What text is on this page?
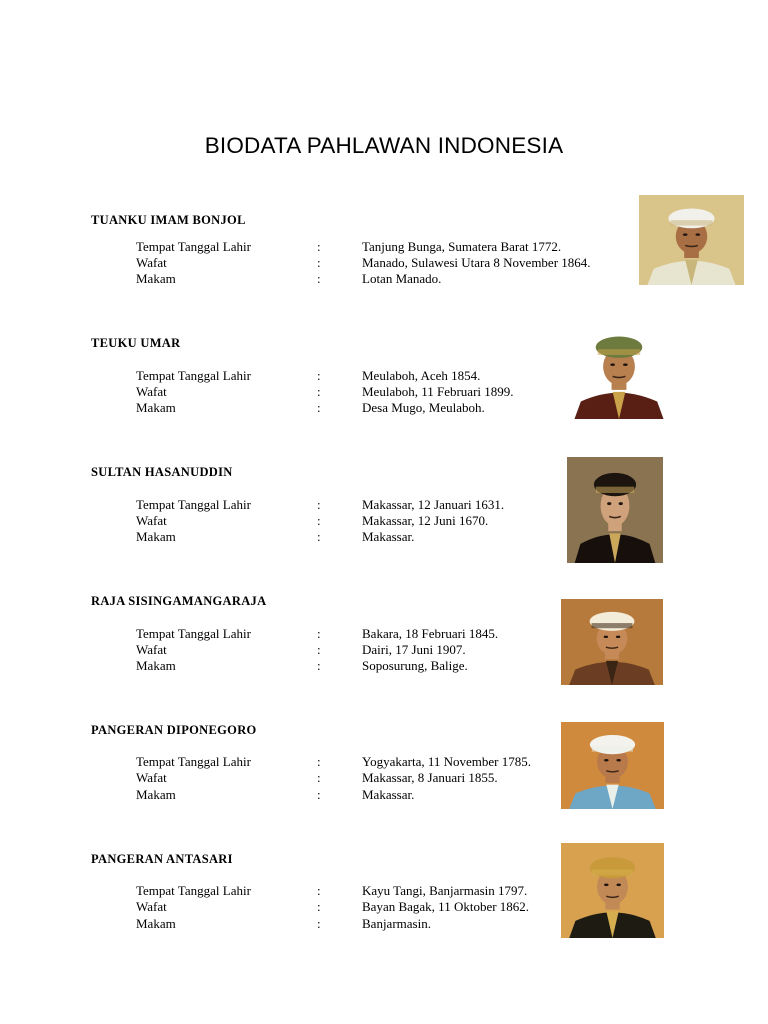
BIODATA PAHLAWAN INDONESIA
TUANKU IMAM BONJOL
Tempat Tanggal Lahir	:	Tanjung Bunga, Sumatera Barat 1772.
Wafat	:	Manado, Sulawesi Utara 8 November 1864.
Makam	:	Lotan Manado.
TEUKU UMAR
Tempat Tanggal Lahir	:	Meulaboh, Aceh 1854.
Wafat	:	Meulaboh, 11 Februari 1899.
Makam	:	Desa Mugo, Meulaboh.
SULTAN HASANUDDIN
Tempat Tanggal Lahir	:	Makassar, 12 Januari 1631.
Wafat	:	Makassar, 12 Juni 1670.
Makam	:	Makassar.
RAJA SISINGAMANGARAJA
Tempat Tanggal Lahir	:	Bakara, 18 Februari 1845.
Wafat	:	Dairi, 17 Juni 1907.
Makam	:	Soposurung, Balige.
PANGERAN DIPONEGORO
Tempat Tanggal Lahir	:	Yogyakarta, 11 November 1785.
Wafat	:	Makassar, 8 Januari 1855.
Makam	:	Makassar.
PANGERAN ANTASARI
Tempat Tanggal Lahir	:	Kayu Tangi, Banjarmasin 1797.
Wafat	:	Bayan Bagak, 11 Oktober 1862.
Makam	:	Banjarmasin.
